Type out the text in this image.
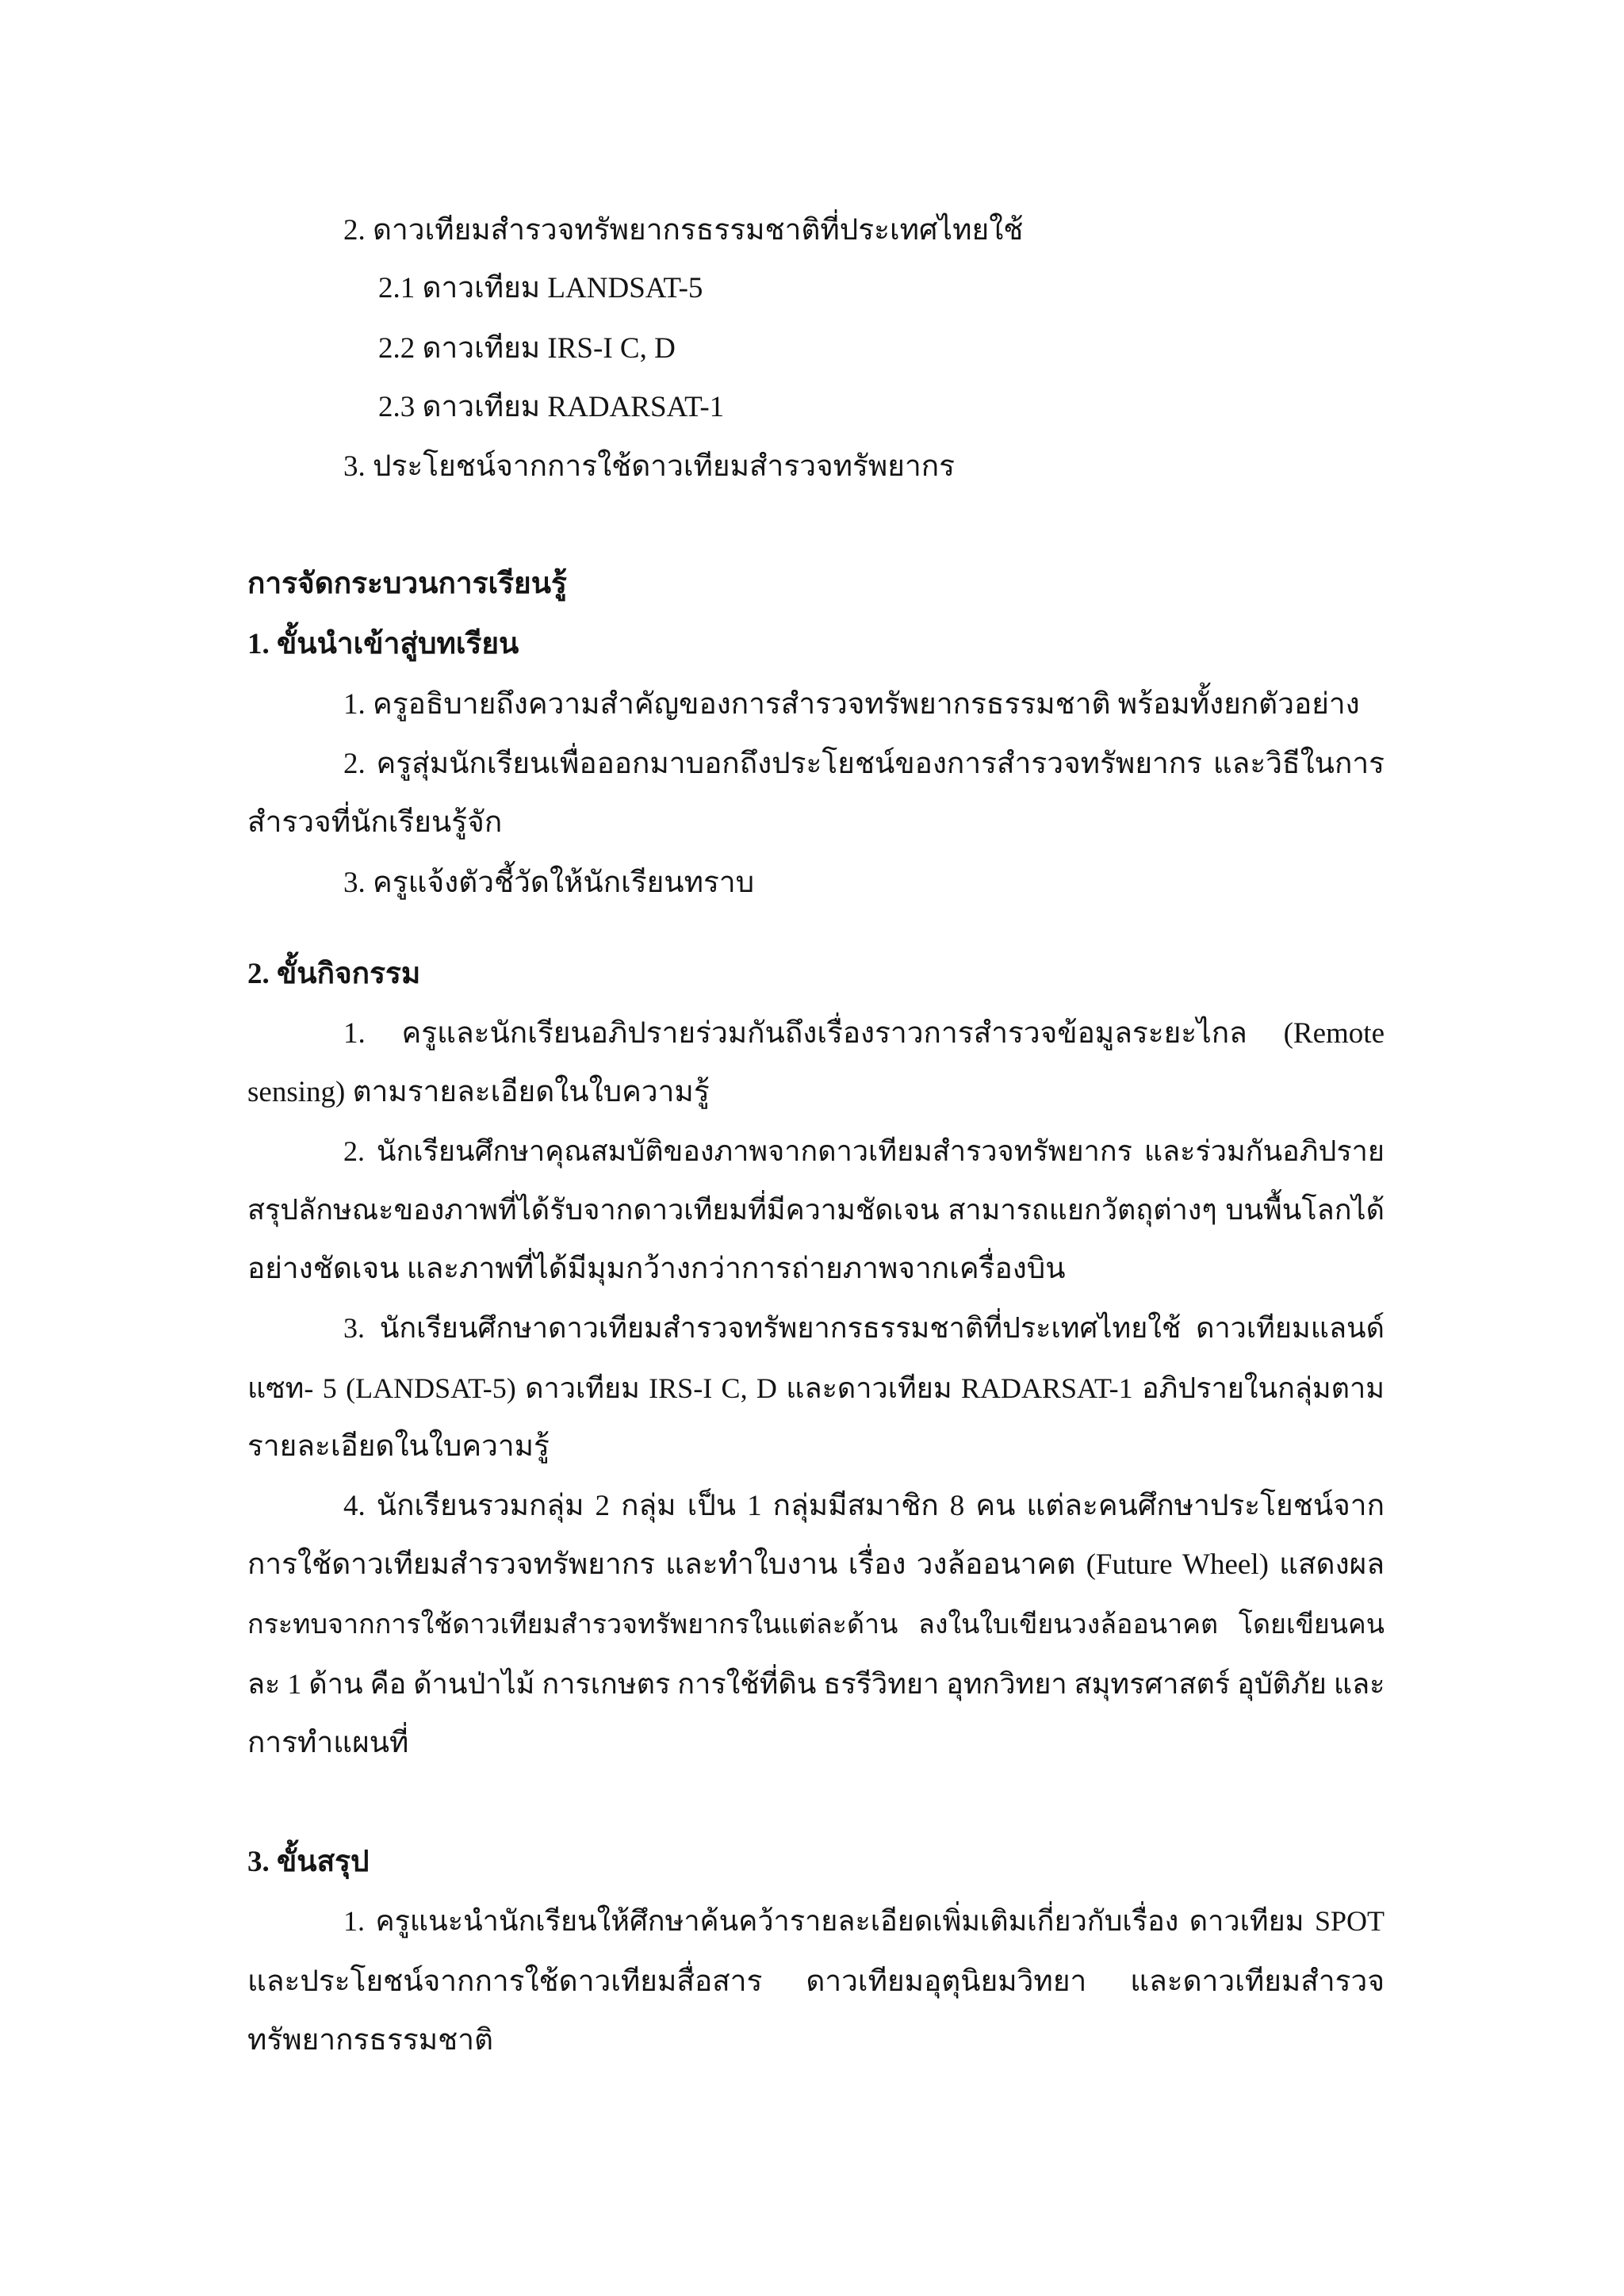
2. ดาวเทียมสำรวจทรัพยากรธรรมชาติที่ประเทศไทยใช้
2.1 ดาวเทียม LANDSAT-5
2.2 ดาวเทียม IRS-I C, D
2.3 ดาวเทียม RADARSAT-1
3. ประโยชน์จากการใช้ดาวเทียมสำรวจทรัพยากร
การจัดกระบวนการเรียนรู้
1. ขั้นนำเข้าสู่บทเรียน
1. ครูอธิบายถึงความสำคัญของการสำรวจทรัพยากรธรรมชาติ พร้อมทั้งยกตัวอย่าง
2. ครูสุ่มนักเรียนเพื่อออกมาบอกถึงประโยชน์ของการสำรวจทรัพยากร และวิธีในการ
สำรวจที่นักเรียนรู้จัก
3. ครูแจ้งตัวชี้วัดให้นักเรียนทราบ
2. ขั้นกิจกรรม
1. ครูและนักเรียนอภิปรายร่วมกันถึงเรื่องราวการสำรวจข้อมูลระยะไกล (Remote
sensing) ตามรายละเอียดในใบความรู้
2. นักเรียนศึกษาคุณสมบัติของภาพจากดาวเทียมสำรวจทรัพยากร และร่วมกันอภิปราย
สรุปลักษณะของภาพที่ได้รับจากดาวเทียมที่มีความชัดเจน สามารถแยกวัตถุต่างๆ บนพื้นโลกได้
อย่างชัดเจน และภาพที่ได้มีมุมกว้างกว่าการถ่ายภาพจากเครื่องบิน
3. นักเรียนศึกษาดาวเทียมสำรวจทรัพยากรธรรมชาติที่ประเทศไทยใช้ ดาวเทียมแลนด์
แซท- 5 (LANDSAT-5) ดาวเทียม IRS-I C, D และดาวเทียม RADARSAT-1 อภิปรายในกลุ่มตาม
รายละเอียดในใบความรู้
4. นักเรียนรวมกลุ่ม 2 กลุ่ม เป็น 1 กลุ่มมีสมาชิก 8 คน แต่ละคนศึกษาประโยชน์จาก
การใช้ดาวเทียมสำรวจทรัพยากร และทำใบงาน เรื่อง วงล้ออนาคต (Future Wheel) แสดงผล
กระทบจากการใช้ดาวเทียมสำรวจทรัพยากรในแต่ละด้าน ลงในใบเขียนวงล้ออนาคต โดยเขียนคน
ละ 1 ด้าน คือ ด้านป่าไม้ การเกษตร การใช้ที่ดิน ธรรีวิทยา อุทกวิทยา สมุทรศาสตร์ อุบัติภัย และ
การทำแผนที่
3. ขั้นสรุป
1. ครูแนะนำนักเรียนให้ศึกษาค้นคว้ารายละเอียดเพิ่มเติมเกี่ยวกับเรื่อง ดาวเทียม SPOT
และประโยชน์จากการใช้ดาวเทียมสื่อสาร ดาวเทียมอุตุนิยมวิทยา และดาวเทียมสำรวจ
ทรัพยากรธรรมชาติ
